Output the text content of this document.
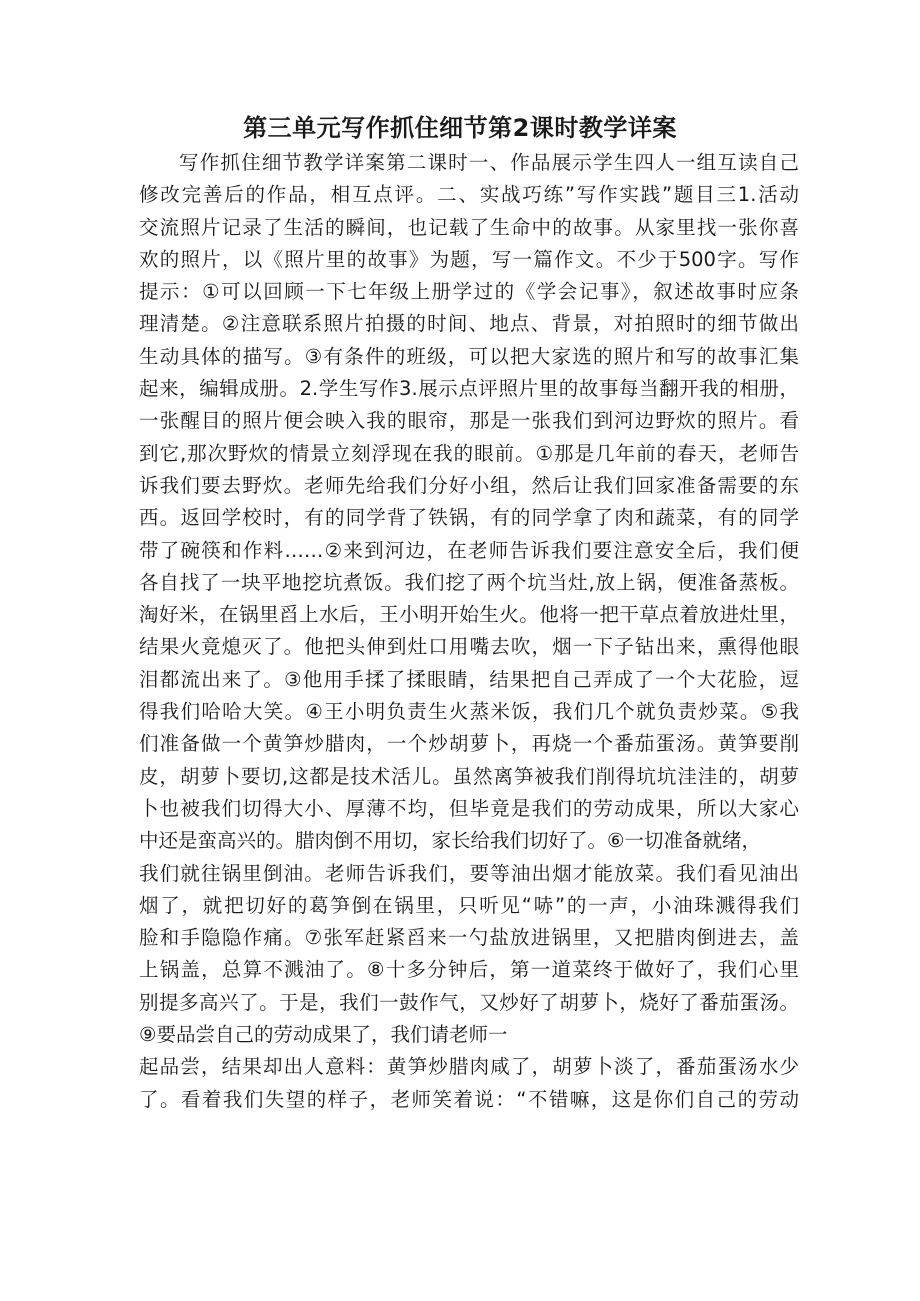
第三单元写作抓住细节第2课时教学详案
写作抓住细节教学详案第二课时一、作品展示学生四人一组互读自己
修改完善后的作品，相互点评。二、实战巧练”写作实践”题目三1.活动
交流照片记录了生活的瞬间，也记载了生命中的故事。从家里找一张你喜
欢的照片，以《照片里的故事》为题，写一篇作文。不少于500字。写作
提示：①可以回顾一下七年级上册学过的《学会记事》，叙述故事时应条
理清楚。②注意联系照片拍摄的时间、地点、背景，对拍照时的细节做出
生动具体的描写。③有条件的班级，可以把大家选的照片和写的故事汇集
起来，编辑成册。2.学生写作3.展示点评照片里的故事每当翻开我的相册，
一张醒目的照片便会映入我的眼帘，那是一张我们到河边野炊的照片。看
到它,那次野炊的情景立刻浮现在我的眼前。①那是几年前的春天，老师告
诉我们要去野炊。老师先给我们分好小组，然后让我们回家准备需要的东
西。返回学校时，有的同学背了铁锅，有的同学拿了肉和蔬菜，有的同学
带了碗筷和作料……②来到河边，在老师告诉我们要注意安全后，我们便
各自找了一块平地挖坑煮饭。我们挖了两个坑当灶,放上锅，便准备蒸板。
淘好米，在锅里舀上水后，王小明开始生火。他将一把干草点着放进灶里，
结果火竟熄灭了。他把头伸到灶口用嘴去吹，烟一下子钻出来，熏得他眼
泪都流出来了。③他用手揉了揉眼睛，结果把自己弄成了一个大花脸，逗
得我们哈哈大笑。④王小明负责生火蒸米饭，我们几个就负责炒菜。⑤我
们准备做一个黄笋炒腊肉，一个炒胡萝卜，再烧一个番茄蛋汤。黄笋要削
皮，胡萝卜要切,这都是技术活儿。虽然离笋被我们削得坑坑洼洼的，胡萝
卜也被我们切得大小、厚薄不均，但毕竟是我们的劳动成果，所以大家心
中还是蛮高兴的。腊肉倒不用切，家长给我们切好了。⑥一切准备就绪，
我们就往锅里倒油。老师告诉我们，要等油出烟才能放菜。我们看见油出
烟了，就把切好的葛笋倒在锅里，只听见“哧”的一声，小油珠溅得我们
脸和手隐隐作痛。⑦张军赶紧舀来一勺盐放进锅里，又把腊肉倒进去，盖
上锅盖，总算不溅油了。⑧十多分钟后，第一道菜终于做好了，我们心里
别提多高兴了。于是，我们一鼓作气，又炒好了胡萝卜，烧好了番茄蛋汤。
⑨要品尝自己的劳动成果了，我们请老师一
起品尝，结果却出人意料：黄笋炒腊肉咸了，胡萝卜淡了，番茄蛋汤水少
了。看着我们失望的样子，老师笑着说：“不错嘛，这是你们自己的劳动
